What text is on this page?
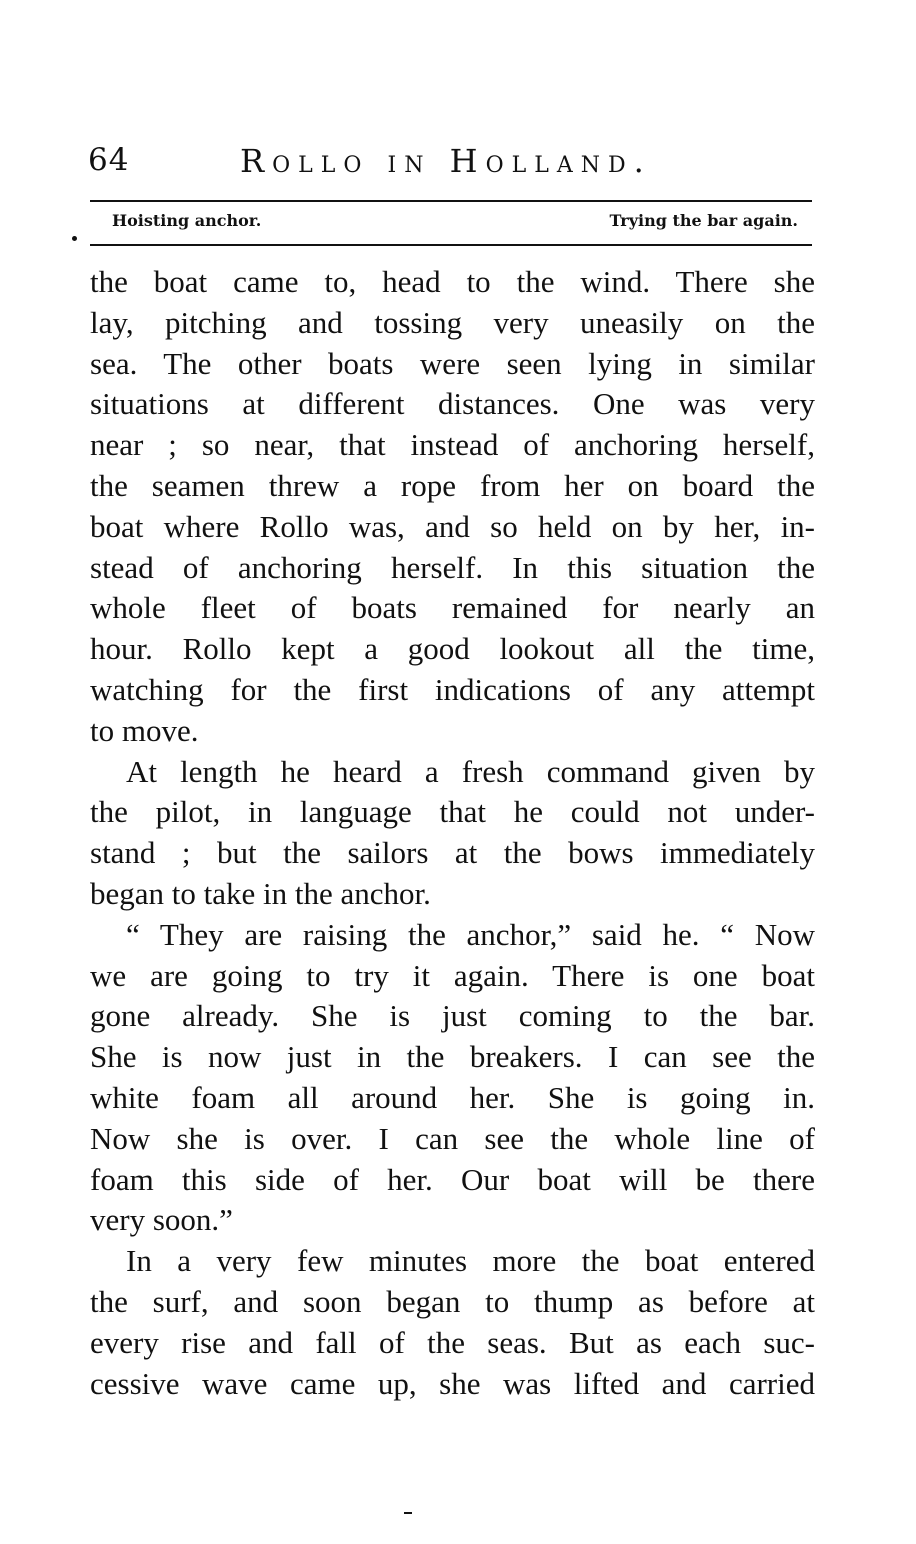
64	Rollo in Holland.
Hoisting anchor.	Trying the bar again.
the boat came to, head to the wind. There she
lay, pitching and tossing very uneasily on the
sea. The other boats were seen lying in similar
situations at different distances. One was very
near ; so near, that instead of anchoring herself,
the seamen threw a rope from her on board the
boat where Rollo was, and so held on by her, in-
stead of anchoring herself. In this situation the
whole fleet of boats remained for nearly an
hour. Rollo kept a good lookout all the time,
watching for the first indications of any attempt
to move.
At length he heard a fresh command given by
the pilot, in language that he could not under-
stand ; but the sailors at the bows immediately
began to take in the anchor.
“ They are raising the anchor,” said he. “ Now
we are going to try it again. There is one boat
gone already. She is just coming to the bar.
She is now just in the breakers. I can see the
white foam all around her. She is going in.
Now she is over. I can see the whole line of
foam this side of her. Our boat will be there
very soon.”
In a very few minutes more the boat entered
the surf, and soon began to thump as before at
every rise and fall of the seas. But as each suc-
cessive wave came up, she was lifted and carried
